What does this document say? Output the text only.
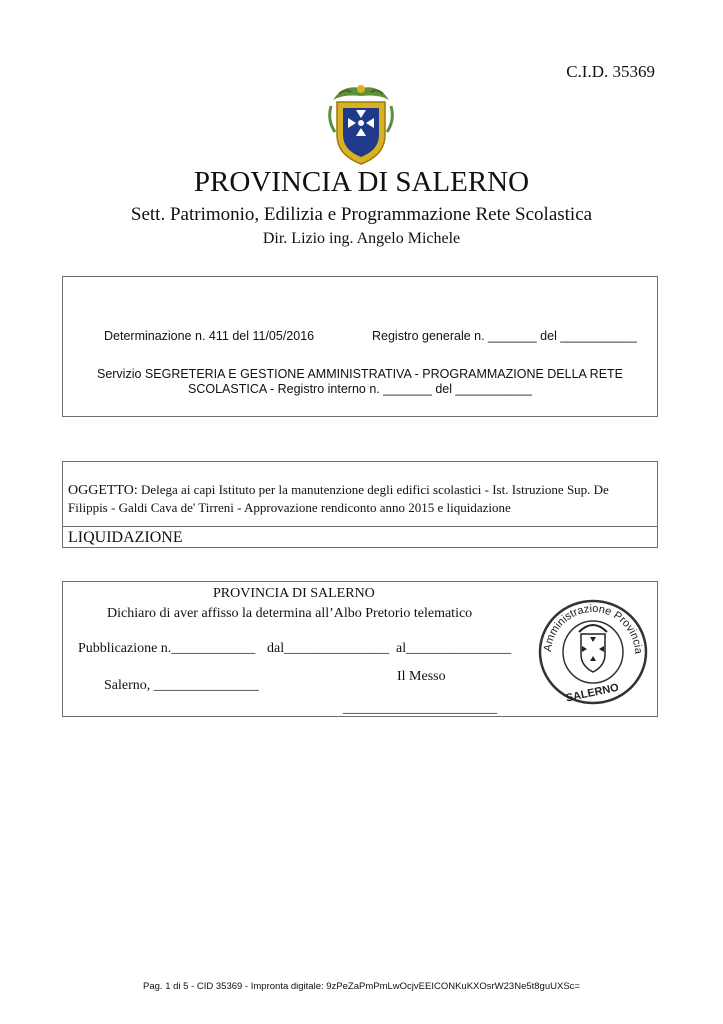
C.I.D. 35369
PROVINCIA DI SALERNO
Sett. Patrimonio, Edilizia e Programmazione Rete Scolastica
Dir. Lizio ing. Angelo Michele
Determinazione n. 411 del 11/05/2016	Registro generale n. _______ del ___________
Servizio SEGRETERIA E GESTIONE AMMINISTRATIVA - PROGRAMMAZIONE DELLA RETE
SCOLASTICA - Registro interno n. _______ del ___________
OGGETTO: Delega ai capi Istituto per la manutenzione degli edifici scolastici - Ist. Istruzione Sup. De
Filippis - Galdi Cava de' Tirreni - Approvazione rendiconto anno 2015 e liquidazione
LIQUIDAZIONE
PROVINCIA DI SALERNO
Dichiaro di aver affisso la determina all’Albo Pretorio telematico
Pubblicazione n.____________ dal_______________ al_______________
Il Messo
Salerno, _______________
______________________
Amministrazione Provincia
SALERNO
Pag. 1 di 5 - CID 35369 - Impronta digitale: 9zPeZaPmPmLwOcjvEEICONKuKXOsrW23Ne5t8guUXSc=
